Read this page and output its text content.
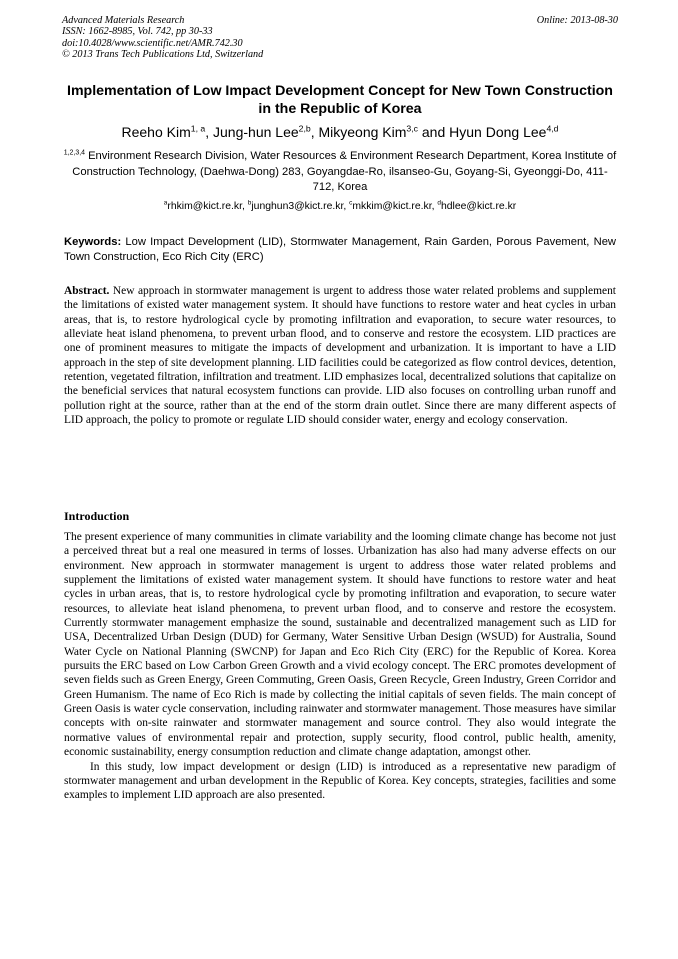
Advanced Materials Research
ISSN: 1662-8985, Vol. 742, pp 30-33
doi:10.4028/www.scientific.net/AMR.742.30
© 2013 Trans Tech Publications Ltd, Switzerland
Online: 2013-08-30
Implementation of Low Impact Development Concept for New Town Construction in the Republic of Korea
Reeho Kim$^{1, a}$, Jung-hun Lee$^{2,b}$, Mikyeong Kim$^{3,c}$ and Hyun Dong Lee$^{4,d}$
$^{1,2,3,4}$ Environment Research Division, Water Resources & Environment Research Department, Korea Institute of Construction Technology, (Daehwa-Dong) 283, Goyangdae-Ro, ilsanseo-Gu, Goyang-Si, Gyeonggi-Do, 411-712, Korea
$^a$rhkim@kict.re.kr, $^b$junghun3@kict.re.kr, $^c$mkkim@kict.re.kr, $^d$hdlee@kict.re.kr
Keywords: Low Impact Development (LID), Stormwater Management, Rain Garden, Porous Pavement, New Town Construction, Eco Rich City (ERC)
Abstract. New approach in stormwater management is urgent to address those water related problems and supplement the limitations of existed water management system. It should have functions to restore water and heat cycles in urban areas, that is, to restore hydrological cycle by promoting infiltration and evaporation, to secure water resources, to alleviate heat island phenomena, to prevent urban flood, and to conserve and restore the ecosystem. LID practices are one of prominent measures to mitigate the impacts of development and urbanization. It is important to have a LID approach in the step of site development planning. LID facilities could be categorized as flow control devices, detention, retention, vegetated filtration, infiltration and treatment. LID emphasizes local, decentralized solutions that capitalize on the beneficial services that natural ecosystem functions can provide. LID also focuses on controlling urban runoff and pollution right at the source, rather than at the end of the storm drain outlet. Since there are many different aspects of LID approach, the policy to promote or regulate LID should consider water, energy and ecology conservation.
Introduction

The present experience of many communities in climate variability and the looming climate change has become not just a perceived threat but a real one measured in terms of losses. Urbanization has also had many adverse effects on our environment. New approach in stormwater management is urgent to address those water related problems and supplement the limitations of existed water management system. It should have functions to restore water and heat cycles in urban areas, that is, to restore hydrological cycle by promoting infiltration and evaporation, to secure water resources, to alleviate heat island phenomena, to prevent urban flood, and to conserve and restore the ecosystem. Currently stormwater management emphasize the sound, sustainable and decentralized management such as LID for USA, Decentralized Urban Design (DUD) for Germany, Water Sensitive Urban Design (WSUD) for Australia, Sound Water Cycle on National Planning (SWCNP) for Japan and Eco Rich City (ERC) for the Republic of Korea. Korea pursuits the ERC based on Low Carbon Green Growth and a vivid ecology concept. The ERC promotes development of seven fields such as Green Energy, Green Commuting, Green Oasis, Green Recycle, Green Industry, Green Corridor and Green Humanism. The name of Eco Rich is made by collecting the initial capitals of seven fields. The main concept of Green Oasis is water cycle conservation, including rainwater and stormwater management. Those measures have similar concepts with on-site rainwater and stormwater management and source control. They also would integrate the normative values of environmental repair and protection, supply security, flood control, public health, amenity, economic sustainability, energy consumption reduction and climate change adaptation, amongst other.

In this study, low impact development or design (LID) is introduced as a representative new paradigm of stormwater management and urban development in the Republic of Korea. Key concepts, strategies, facilities and some examples to implement LID approach are also presented.
